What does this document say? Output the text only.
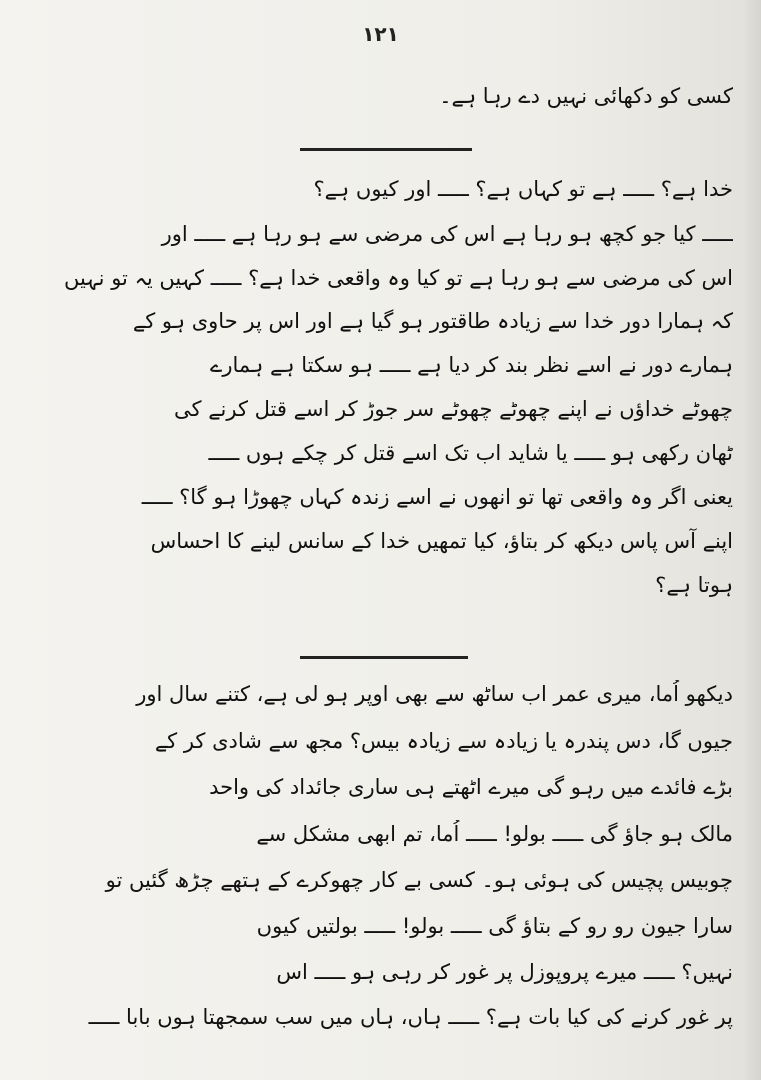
۱۲۱
کسی کو دکھائی نہیں دے رہا ہے۔
خدا ہے؟ ـــــ ہے تو کہاں ہے؟ ـــــ اور کیوں ہے؟
ـــــ کیا جو کچھ ہو رہا ہے اس کی مرضی سے ہو رہا ہے ـــــ اور
اس کی مرضی سے ہو رہا ہے تو کیا وہ واقعی خدا ہے؟ ـــــ کہیں یہ تو نہیں
کہ ہمارا دور خدا سے زیادہ طاقتور ہو گیا ہے اور اس پر حاوی ہو کے
ہمارے دور نے اسے نظر بند کر دیا ہے ـــــ ہو سکتا ہے ہمارے
چھوٹے خداؤں نے اپنے چھوٹے چھوٹے سر جوڑ کر اسے قتل کرنے کی
ٹھان رکھی ہو ـــــ یا شاید اب تک اسے قتل کر چکے ہوں ـــــ
یعنی اگر وہ واقعی تھا تو انھوں نے اسے زندہ کہاں چھوڑا ہو گا؟ ـــــ
اپنے آس پاس دیکھ کر بتاؤ، کیا تمھیں خدا کے سانس لینے کا احساس
ہوتا ہے؟
دیکھو اُما، میری عمر اب ساٹھ سے بھی اوپر ہو لی ہے، کتنے سال اور
جیوں گا، دس پندرہ یا زیادہ سے زیادہ بیس؟ مجھ سے شادی کر کے
بڑے فائدے میں رہو گی میرے اٹھتے ہی ساری جائداد کی واحد
مالک ہو جاؤ گی ـــــ بولو! ـــــ اُما، تم ابھی مشکل سے
چوبیس پچیس کی ہوئی ہو۔ کسی بے کار چھوکرے کے ہتھے چڑھ گئیں تو
سارا جیون رو رو کے بتاؤ گی ـــــ بولو! ـــــ بولتیں کیوں
نہیں؟ ـــــ میرے پروپوزل پر غور کر رہی ہو ـــــ اس
پر غور کرنے کی کیا بات ہے؟ ـــــ ہاں، ہاں میں سب سمجھتا ہوں بابا ـــــ
